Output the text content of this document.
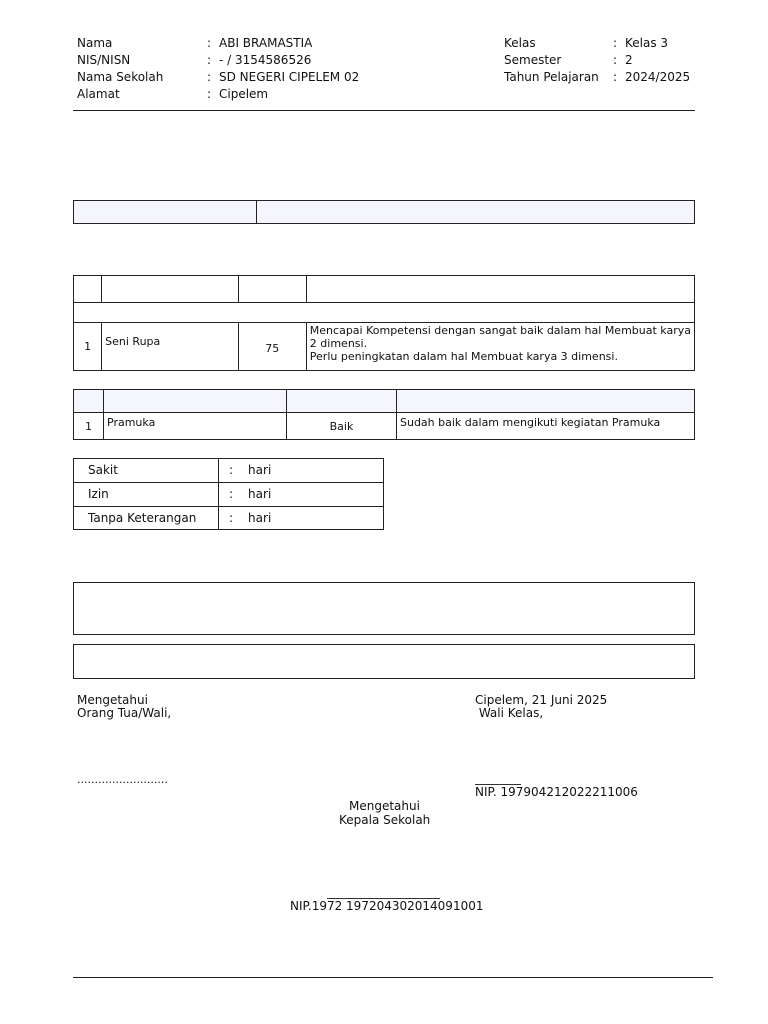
Nama	: ABI BRAMASTIA
NIS/NISN	: - / 3154586526
Nama Sekolah	: SD NEGERI CIPELEM 02
Alamat	: Cipelem
Kelas	: Kelas 3
Semester	: 2
Tahun Pelajaran : 2024/2025

1	Seni Rupa	75	Mencapai Kompetensi dengan sangat baik dalam hal Membuat karya
2 dimensi.
Perlu peningkatan dalam hal Membuat karya 3 dimensi.

1	Pramuka	Baik	Sudah baik dalam mengikuti kegiatan Pramuka
Sakit	: hari
Izin	: hari
Tanpa Keterangan	: hari
Mengetahui
Orang Tua/Wali,
..........................
Cipelem, 21 Juni 2025
Wali Kelas,
NIP. 197904212022211006
Mengetahui
Kepala Sekolah
NIP.1972 197204302014091001
